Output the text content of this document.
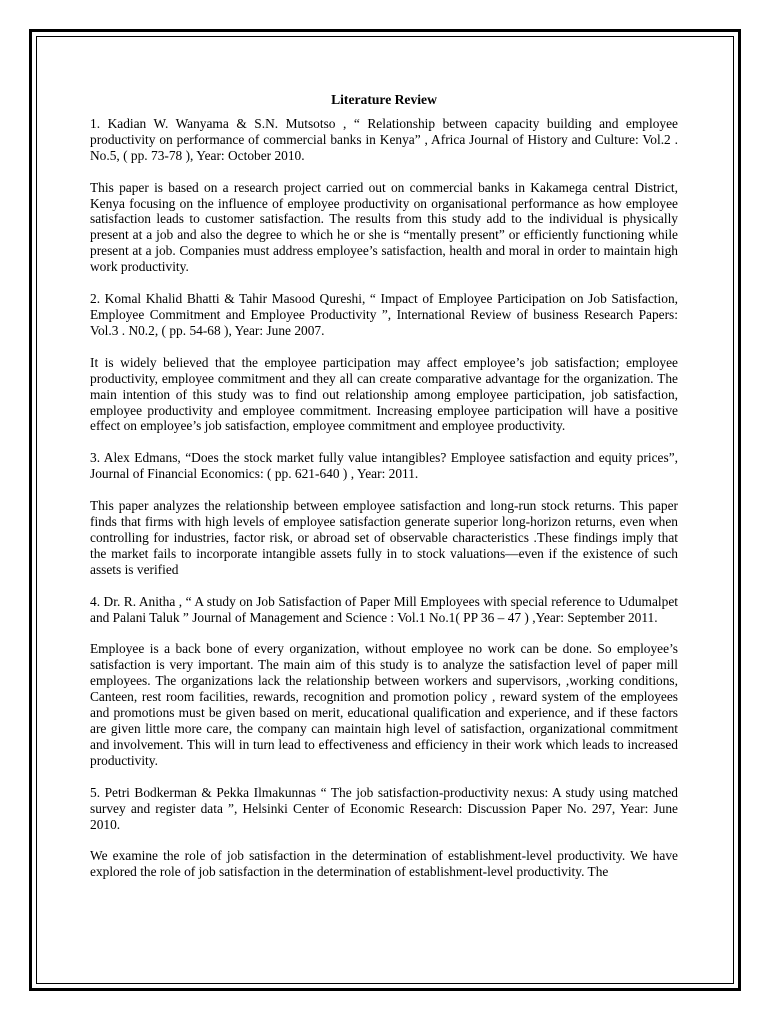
Literature Review

1. Kadian W. Wanyama & S.N. Mutsotso , “ Relationship between capacity building and employee productivity on performance of commercial banks in Kenya” , Africa Journal of History and Culture: Vol.2 . No.5, ( pp. 73-78 ), Year: October 2010.

This paper is based on a research project carried out on commercial banks in Kakamega central District, Kenya focusing on the influence of employee productivity on organisational performance as how employee satisfaction leads to customer satisfaction. The results from this study add to the individual is physically present at a job and also the degree to which he or she is “mentally present” or efficiently functioning while present at a job. Companies must address employee’s satisfaction, health and moral in order to maintain high work productivity.

2. Komal Khalid Bhatti & Tahir Masood Qureshi, “ Impact of Employee Participation on Job Satisfaction, Employee Commitment and Employee Productivity ”, International Review of business Research Papers: Vol.3 . N0.2, ( pp. 54-68 ), Year: June 2007.

It is widely believed that the employee participation may affect employee’s job satisfaction; employee productivity, employee commitment and they all can create comparative advantage for the organization. The main intention of this study was to find out relationship among employee participation, job satisfaction, employee productivity and employee commitment. Increasing employee participation will have a positive effect on employee’s job satisfaction, employee commitment and employee productivity.

3. Alex Edmans, “Does the stock market fully value intangibles? Employee satisfaction and equity prices”, Journal of Financial Economics: ( pp. 621-640 ) , Year: 2011.

This paper analyzes the relationship between employee satisfaction and long-run stock returns. This paper finds that firms with high levels of employee satisfaction generate superior long-horizon returns, even when controlling for industries, factor risk, or abroad set of observable characteristics .These findings imply that the market fails to incorporate intangible assets fully in to stock valuations—even if the existence of such assets is verified

4. Dr. R. Anitha , “ A study on Job Satisfaction of Paper Mill Employees with special reference to Udumalpet and Palani Taluk ” Journal of Management and Science : Vol.1 No.1( PP 36 – 47 ) ,Year: September 2011.

Employee is a back bone of every organization, without employee no work can be done. So employee’s satisfaction is very important. The main aim of this study is to analyze the satisfaction level of paper mill employees. The organizations lack the relationship between workers and supervisors, ,working conditions, Canteen, rest room facilities, rewards, recognition and promotion policy , reward system of the employees and promotions must be given based on merit, educational qualification and experience, and if these factors are given little more care, the company can maintain high level of satisfaction, organizational commitment and involvement. This will in turn lead to effectiveness and efficiency in their work which leads to increased productivity.

5. Petri Bodkerman & Pekka Ilmakunnas “ The job satisfaction-productivity nexus: A study using matched survey and register data ”, Helsinki Center of Economic Research: Discussion Paper No. 297, Year: June 2010.

We examine the role of job satisfaction in the determination of establishment-level productivity. We have explored the role of job satisfaction in the determination of establishment-level productivity. The
